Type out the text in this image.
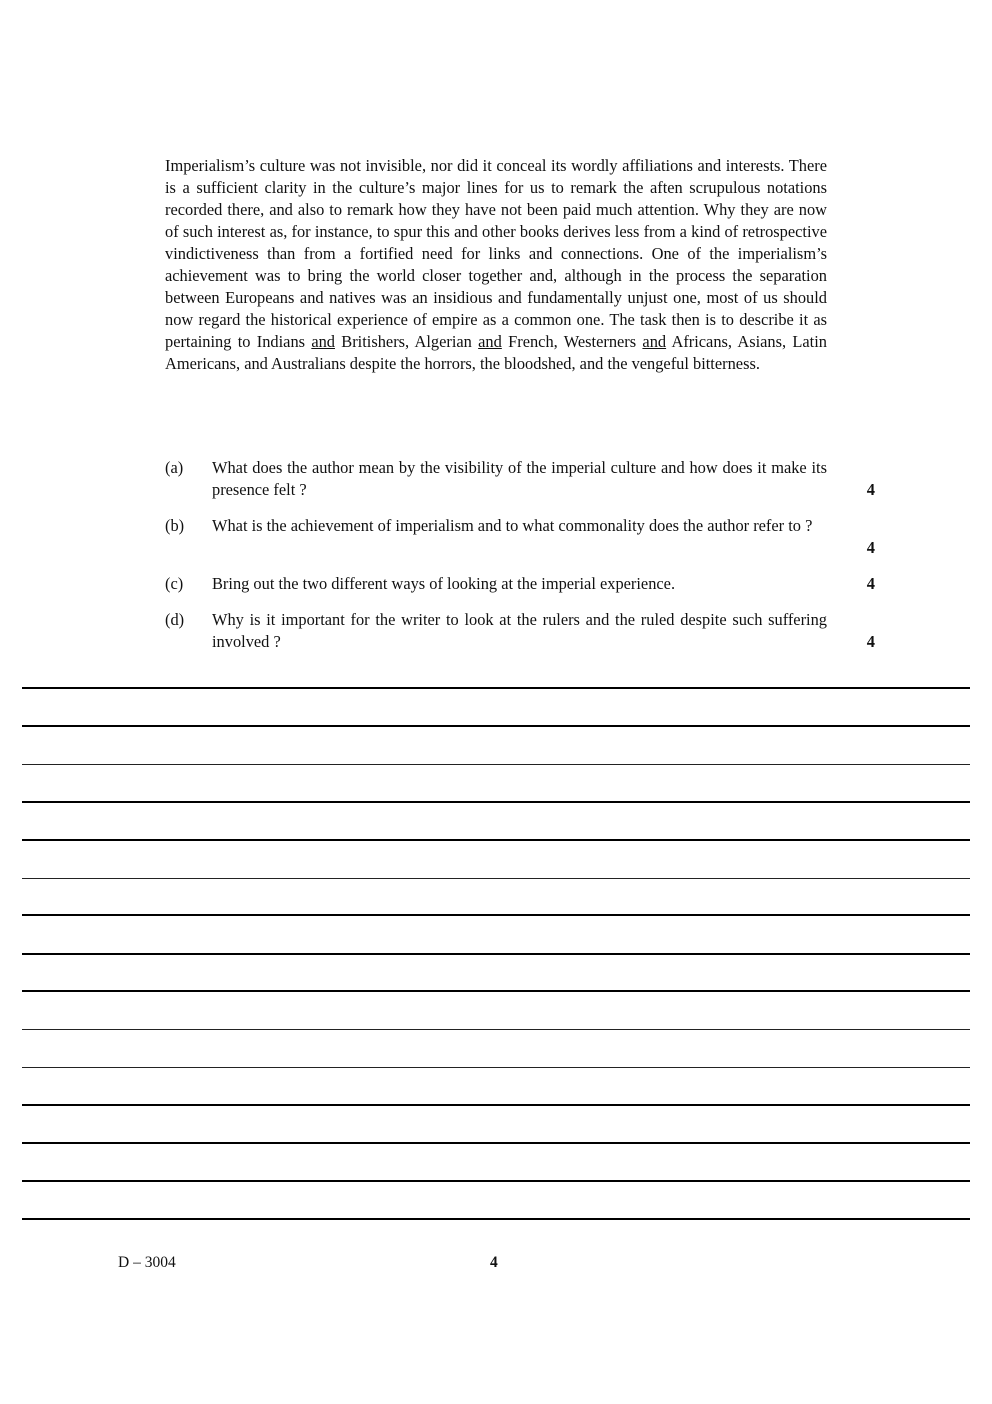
Imperialism’s culture was not invisible, nor did it conceal its wordly affiliations and interests. There is a sufficient clarity in the culture’s major lines for us to remark the aften scrupulous notations recorded there, and also to remark how they have not been paid much attention. Why they are now of such interest as, for instance, to spur this and other books derives less from a kind of retrospective vindictiveness than from a fortified need for links and connections. One of the imperialism’s achievement was to bring the world closer together and, although in the process the separation between Europeans and natives was an insidious and fundamentally unjust one, most of us should now regard the historical experience of empire as a common one. The task then is to describe it as pertaining to Indians and Britishers, Algerian and French, Westerners and Africans, Asians, Latin Americans, and Australians despite the horrors, the bloodshed, and the vengeful bitterness.

(a) What does the author mean by the visibility of the imperial culture and how does it make its presence felt ?	4
(b) What is the achievement of imperialism and to what commonality does the author refer to ?
4
(c) Bring out the two different ways of looking at the imperial experience.	4
(d) Why is it important for the writer to look at the rulers and the ruled despite such suffering involved ?	4
D – 3004	4
